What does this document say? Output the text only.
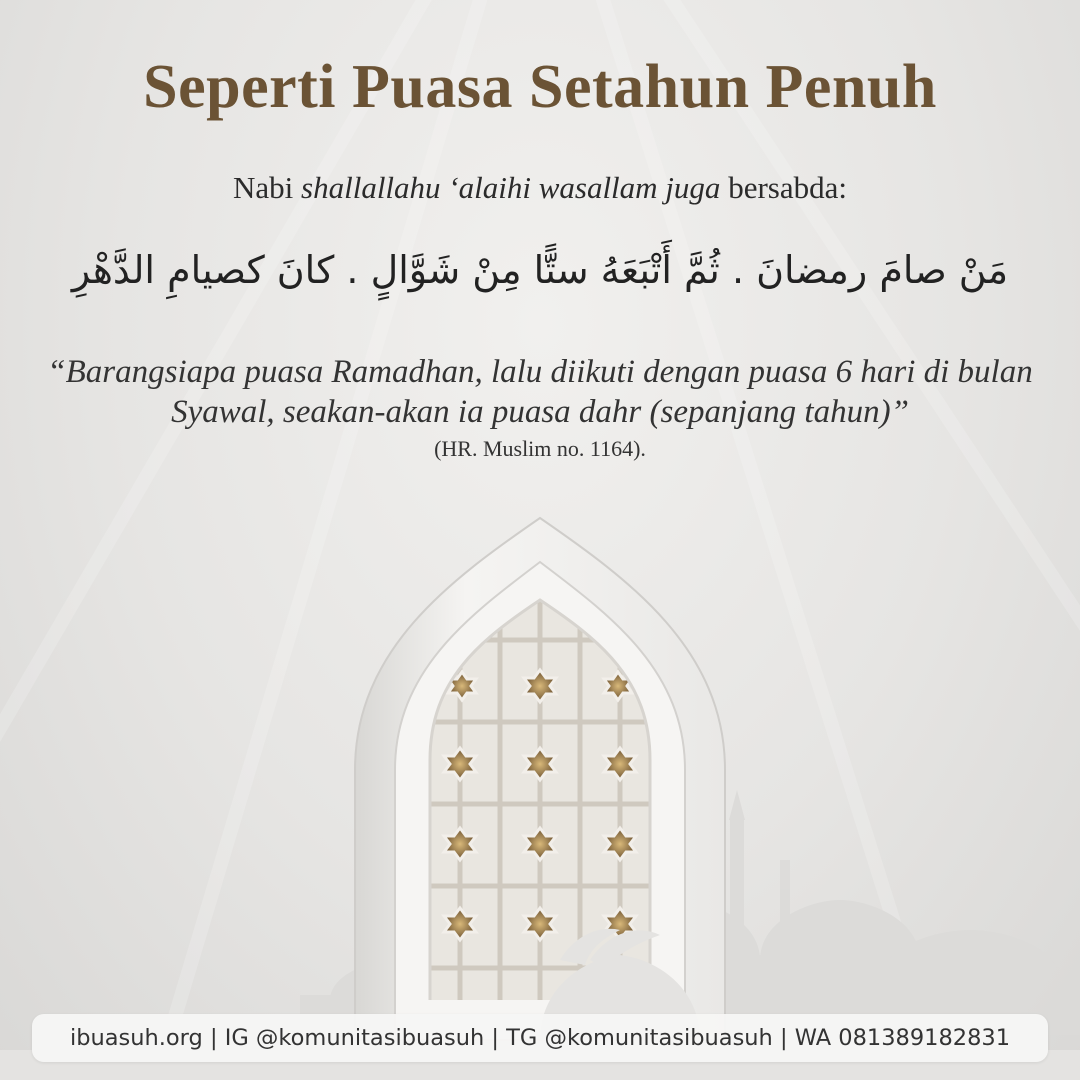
Seperti Puasa Setahun Penuh
Nabi shallallahu ‘alaihi wasallam juga bersabda:
مَنْ صامَ رمضانَ . ثُمَّ أَتْبَعَهُ ستًّا مِنْ شَوَّالٍ . كانَ كصيامِ الدَّهْرِ
“Barangsiapa puasa Ramadhan, lalu diikuti dengan puasa 6 hari di bulan
Syawal, seakan-akan ia puasa dahr (sepanjang tahun)”
(HR. Muslim no. 1164).
ibuasuh.org | IG @komunitasibuasuh | TG @komunitasibuasuh | WA 081389182831
